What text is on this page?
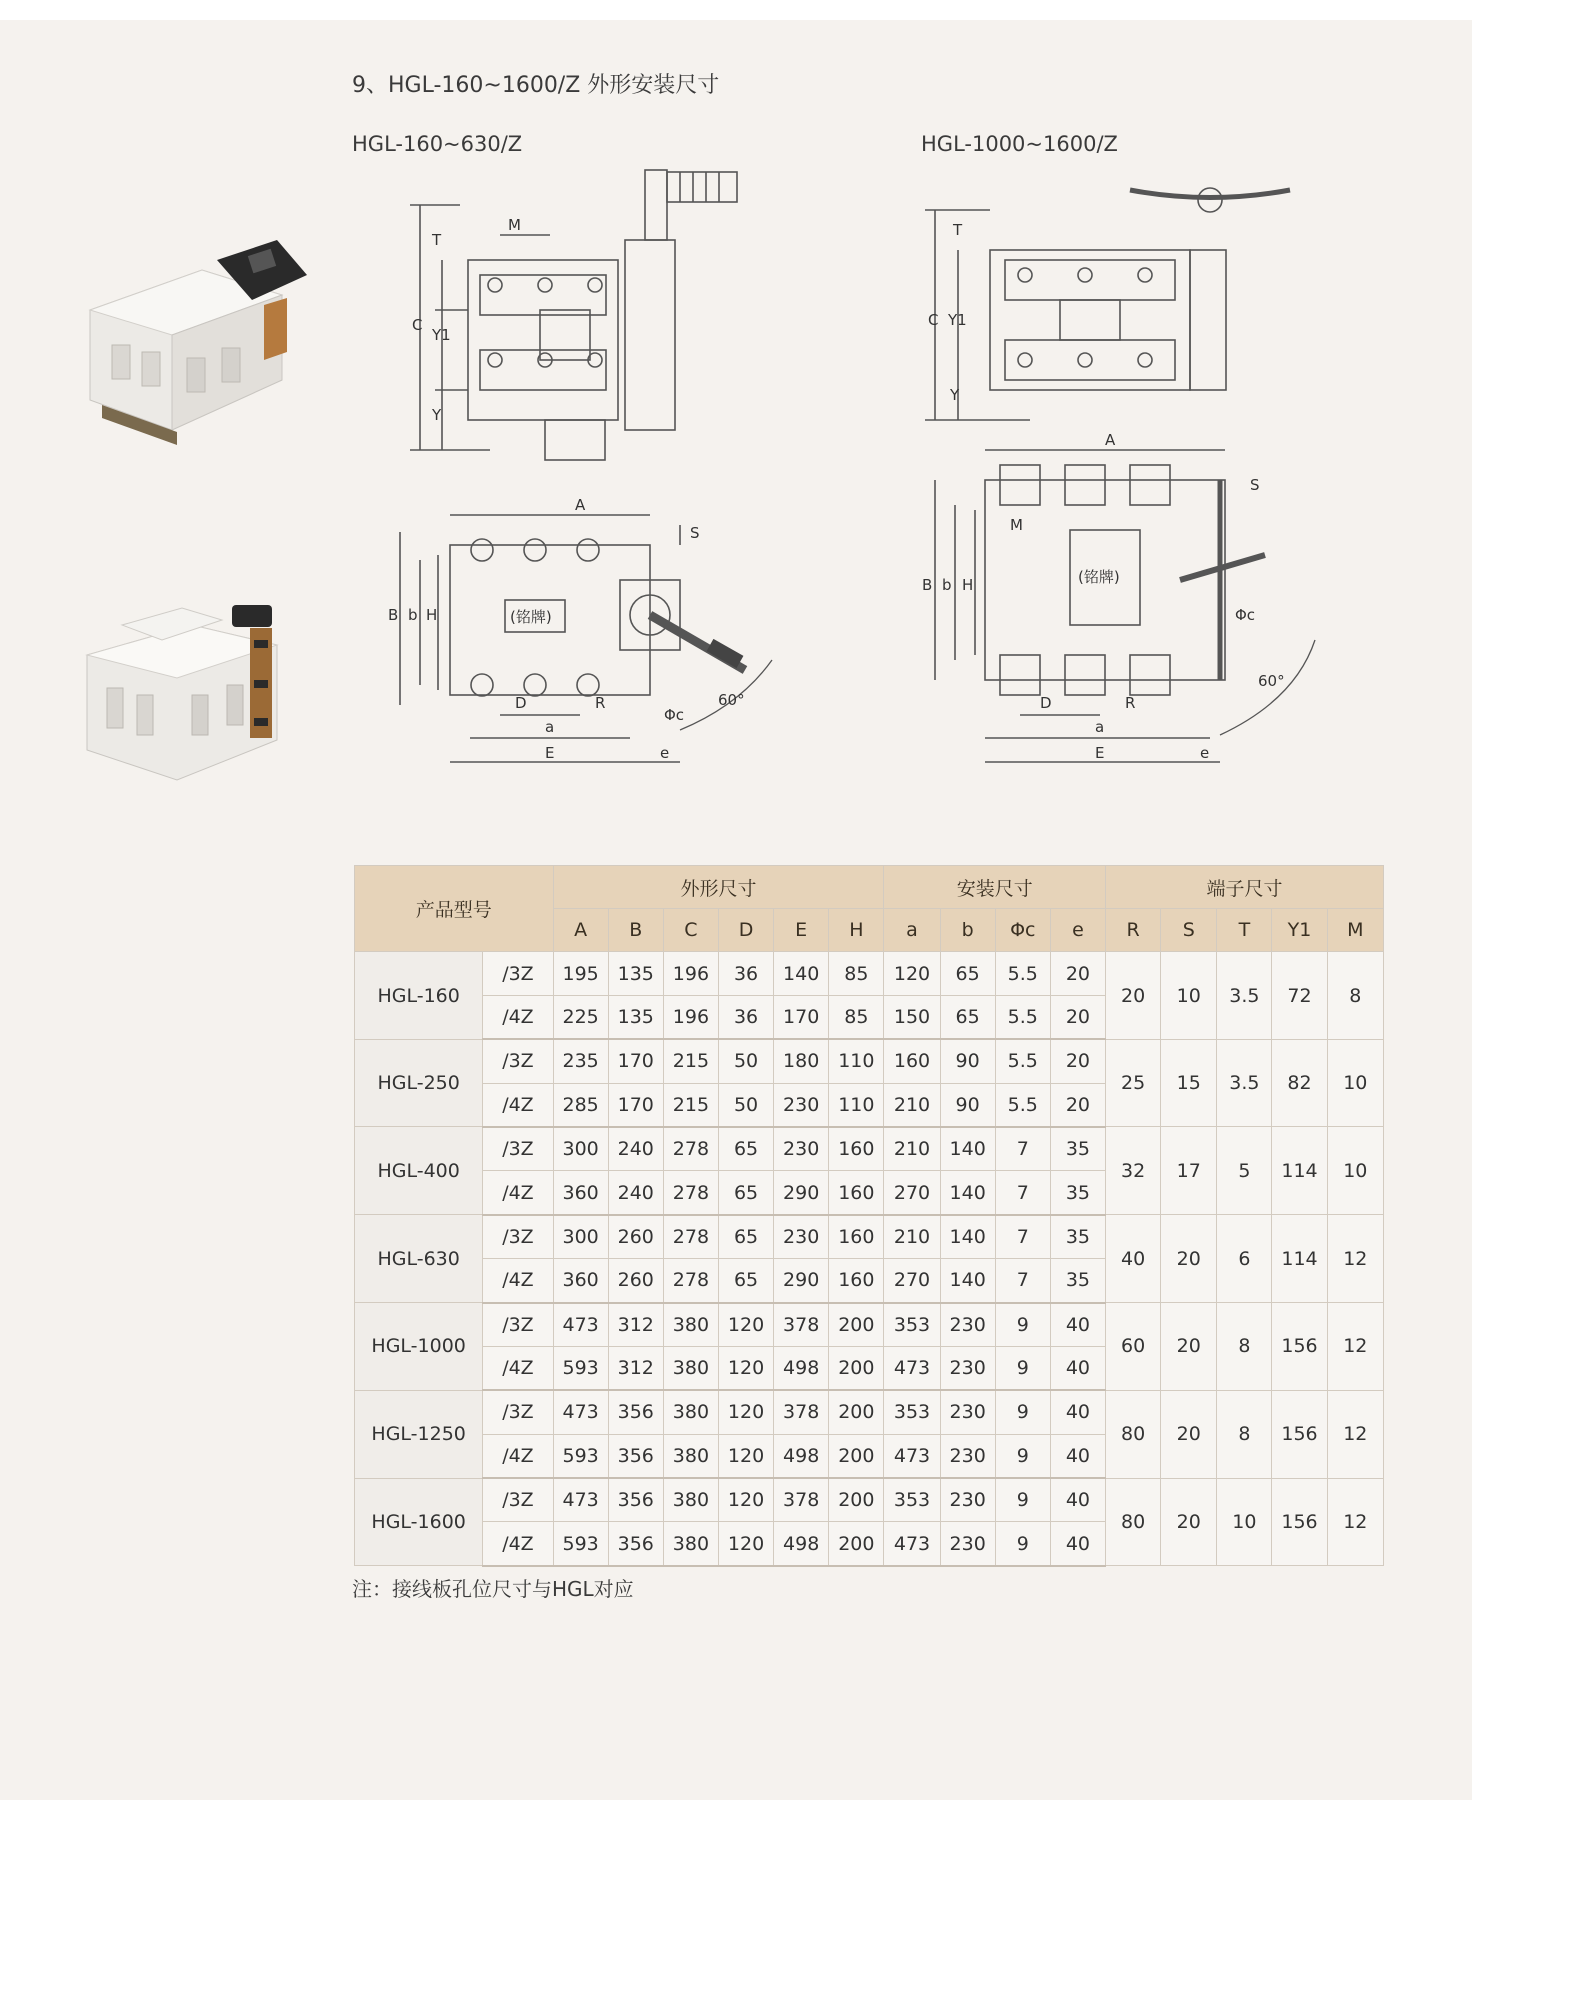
9、HGL-160~1600/Z 外形安装尺寸
HGL-160~630/Z	HGL-1000~1600/Z
M
T
C
Y1
Y
A
S
B b H	(铭牌)
D	R
Φc
60°
a
E	e
T
C Y1
Y
A
S
M
B b H	(铭牌)
Φc
D	R
60°
a
E	e
产品型号		外形尺寸						安装尺寸				端子尺寸				
		A	B	C	D	E	H	a	b	Φc	e	R	S	T	Y1	M
HGL-160	/3Z	195	135	196	36	140	85	120	65	5.5	20	20	10	3.5	72	8
	/4Z	225	135	196	36	170	85	150	65	5.5	20					
HGL-250	/3Z	235	170	215	50	180	110	160	90	5.5	20	25	15	3.5	82	10
	/4Z	285	170	215	50	230	110	210	90	5.5	20					
HGL-400	/3Z	300	240	278	65	230	160	210	140	7	35	32	17	5	114	10
	/4Z	360	240	278	65	290	160	270	140	7	35					
HGL-630	/3Z	300	260	278	65	230	160	210	140	7	35	40	20	6	114	12
	/4Z	360	260	278	65	290	160	270	140	7	35					
HGL-1000	/3Z	473	312	380	120	378	200	353	230	9	40	60	20	8	156	12
	/4Z	593	312	380	120	498	200	473	230	9	40					
HGL-1250	/3Z	473	356	380	120	378	200	353	230	9	40	80	20	8	156	12
	/4Z	593	356	380	120	498	200	473	230	9	40					
HGL-1600	/3Z	473	356	380	120	378	200	353	230	9	40	80	20	10	156	12
	/4Z	593	356	380	120	498	200	473	230	9	40					
注：接线板孔位尺寸与HGL对应
